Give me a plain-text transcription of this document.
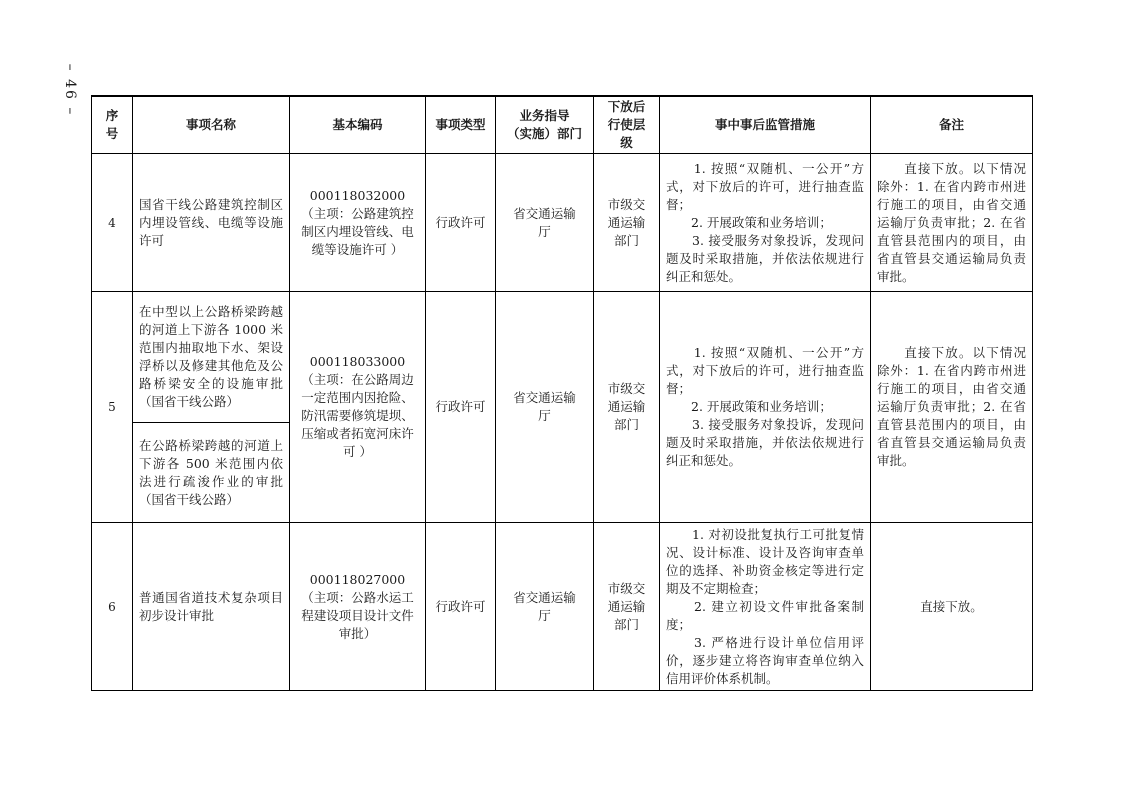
– 46 –	序
号	事项名称	基本编码	事项类型	业务指导
（实施）部门	下放后
行使层
级	事中事后监管措施	备注
4	国省干线公路建筑控制区内埋设管线、电缆等设施许可	000118032000
（主项：公路建筑控制区内埋设管线、电缆等设施许可 ）	行政许可	省交通运输
厅	市级交
通运输
部门	　　1. 按照“双随机、一公开”方式，对下放后的许可，进行抽查监督；
　　2. 开展政策和业务培训；
　　3. 接受服务对象投诉，发现问题及时采取措施，并依法依规进行纠正和惩处。	　　直接下放。以下情况除外：1. 在省内跨市州进行施工的项目，由省交通运输厅负责审批；2. 在省直管县范围内的项目，由省直管县交通运输局负责审批。
5	在中型以上公路桥梁跨越的河道上下游各 1000 米范围内抽取地下水、架设浮桥以及修建其他危及公路桥梁安全的设施审批（国省干线公路）	000118033000
（主项：在公路周边一定范围内因抢险、防汛需要修筑堤坝、压缩或者拓宽河床许可 ）	行政许可	省交通运输
厅	市级交
通运输
部门	　　1. 按照“双随机、一公开”方式，对下放后的许可，进行抽查监督；
　　2. 开展政策和业务培训；
　　3. 接受服务对象投诉，发现问题及时采取措施，并依法依规进行纠正和惩处。	　　直接下放。以下情况除外：1. 在省内跨市州进行施工的项目，由省交通运输厅负责审批；2. 在省直管县范围内的项目，由省直管县交通运输局负责审批。
	在公路桥梁跨越的河道上下游各 500 米范围内依法进行疏浚作业的审批（国省干线公路）						
6	普通国省道技术复杂项目初步设计审批	000118027000
（主项：公路水运工程建设项目设计文件审批）	行政许可	省交通运输
厅	市级交
通运输
部门	　　1. 对初设批复执行工可批复情况、设计标准、设计及咨询审查单位的选择、补助资金核定等进行定期及不定期检查；
　　2. 建立初设文件审批备案制度；
　　3. 严格进行设计单位信用评价，逐步建立将咨询审查单位纳入信用评价体系机制。	直接下放。
